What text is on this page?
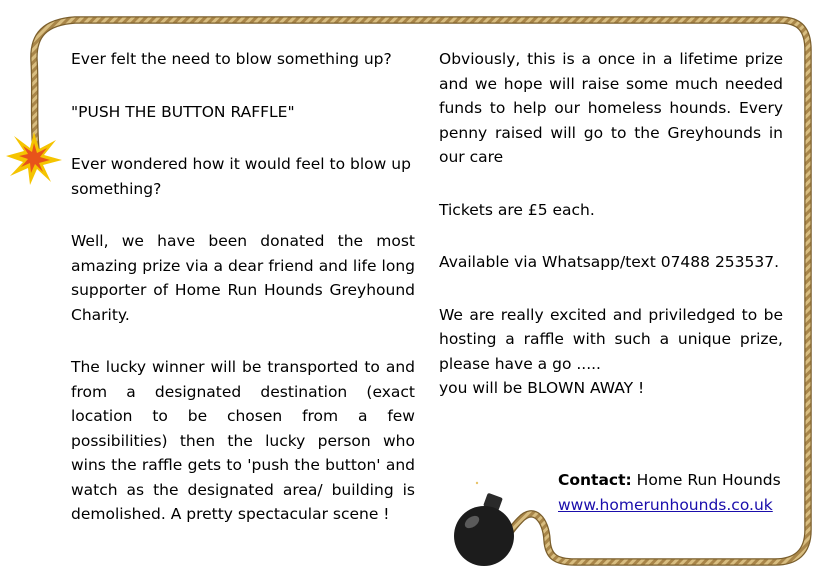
Ever felt the need to blow something up?

"PUSH THE BUTTON RAFFLE"

Ever wondered how it would feel to blow up something?

Well, we have been donated the most amazing prize via a dear friend and life long supporter of Home Run Hounds Greyhound Charity.

The lucky winner will be transported to and from a designated destination (exact location to be chosen from a few possibilities) then the lucky person who wins the raffle gets to 'push the button' and watch as the designated area/ building is demolished. A pretty spectacular scene !

Obviously, this is a once in a lifetime prize and we hope will raise some much needed funds to help our homeless hounds. Every penny raised will go to the Greyhounds in our care

Tickets are £5 each.

Available via Whatsapp/text 07488 253537.

We are really excited and priviledged to be hosting a raffle with such a unique prize, please have a go .....
you will be BLOWN AWAY !

Contact: Home Run Hounds
www.homerunhounds.co.uk
